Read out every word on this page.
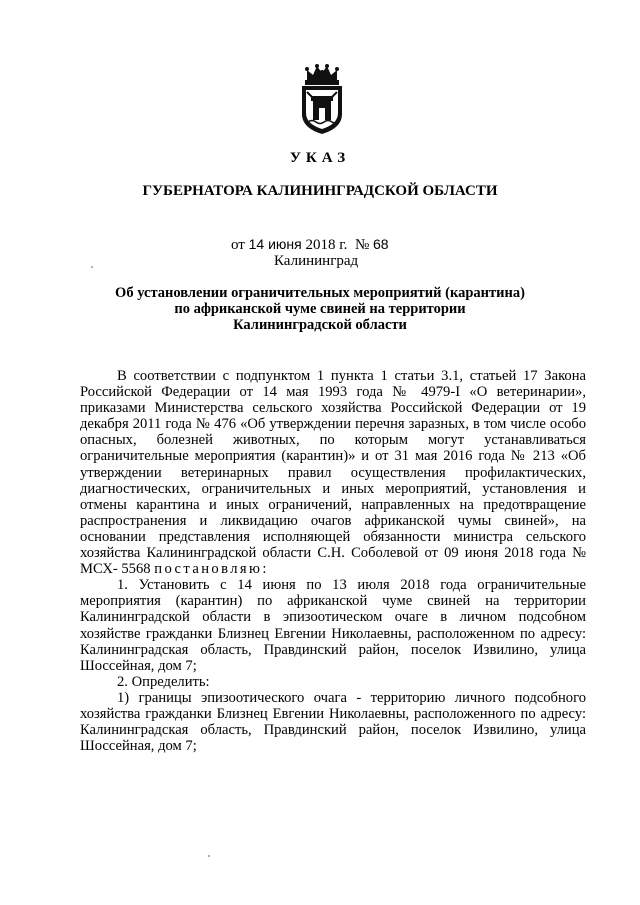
УКАЗ
ГУБЕРНАТОРА КАЛИНИНГРАДСКОЙ ОБЛАСТИ
от 14 июня 2018 г. № 68
Калининград
Об установлении ограничительных мероприятий (карантина)
по африканской чуме свиней на территории
Калининградской области

В соответствии с подпунктом 1 пункта 1 статьи 3.1, статьей 17 Закона Российской Федерации от 14 мая 1993 года № 4979-I «О ветеринарии», приказами Министерства сельского хозяйства Российской Федерации от 19 декабря 2011 года № 476 «Об утверждении перечня заразных, в том числе особо опасных, болезней животных, по которым могут устанавливаться ограничительные мероприятия (карантин)» и от 31 мая 2016 года № 213 «Об утверждении ветеринарных правил осуществления профилактических, диагностических, ограничительных и иных мероприятий, установления и отмены карантина и иных ограничений, направленных на предотвращение распространения и ликвидацию очагов африканской чумы свиней», на основании представления исполняющей обязанности министра сельского хозяйства Калининградской области С.Н. Соболевой от 09 июня 2018 года № МСХ- 5568 постановляю:

1. Установить с 14 июня по 13 июля 2018 года ограничительные мероприятия (карантин) по африканской чуме свиней на территории Калининградской области в эпизоотическом очаге в личном подсобном хозяйстве гражданки Близнец Евгении Николаевны, расположенном по адресу: Калининградская область, Правдинский район, поселок Извилино, улица Шоссейная, дом 7;

2. Определить:

1) границы эпизоотического очага - территорию личного подсобного хозяйства гражданки Близнец Евгении Николаевны, расположенного по адресу: Калининградская область, Правдинский район, поселок Извилино, улица Шоссейная, дом 7;
